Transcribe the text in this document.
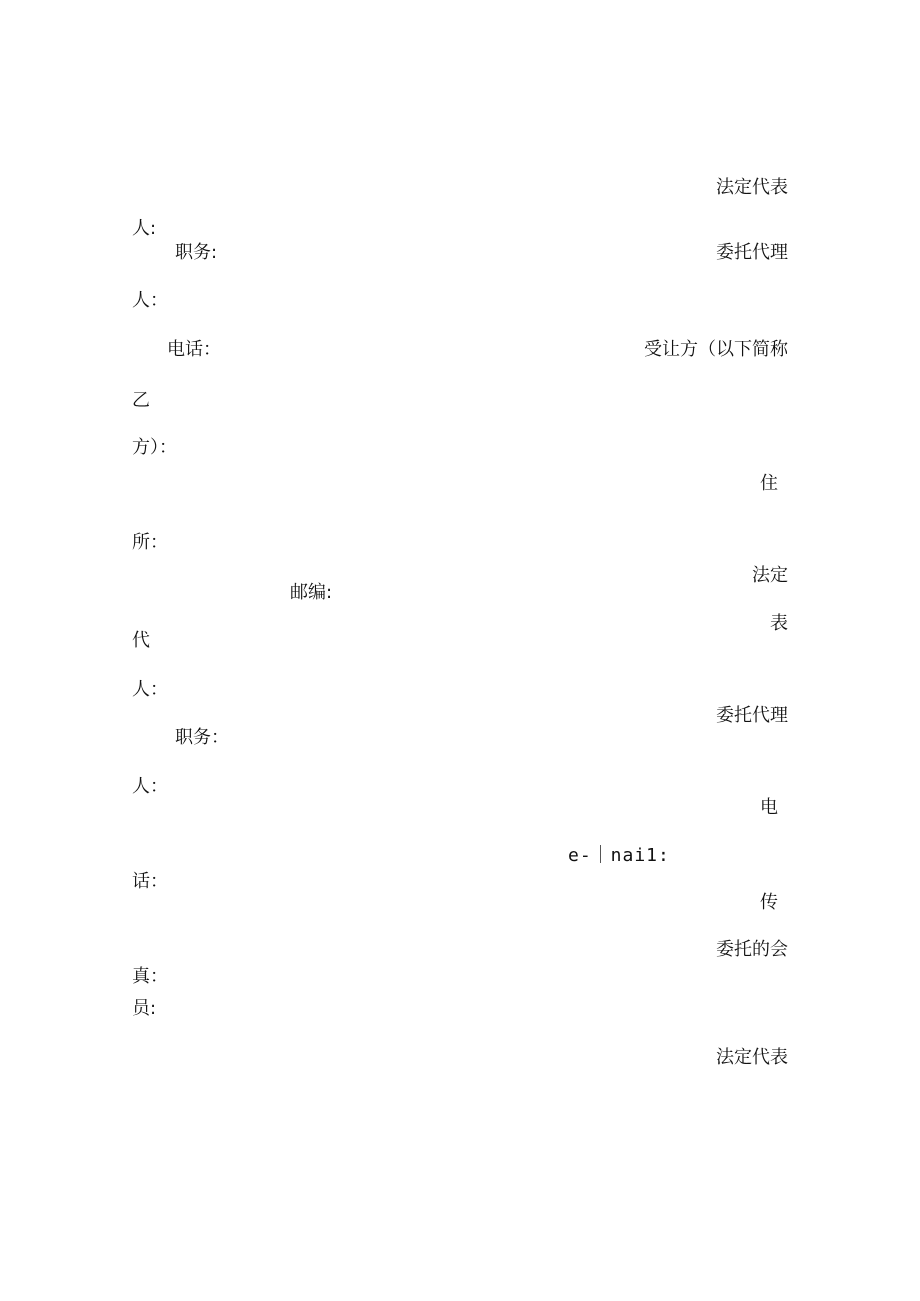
法定代表
人:
职务:	委托代理
人：
电话：	受让方（以下简称
乙
方）：
住
所：
法定
邮编:
表
代
人：
委托代理
职务：
人：
电
e-｜nai1:
话：
传
委托的会
真：
员:
法定代表
